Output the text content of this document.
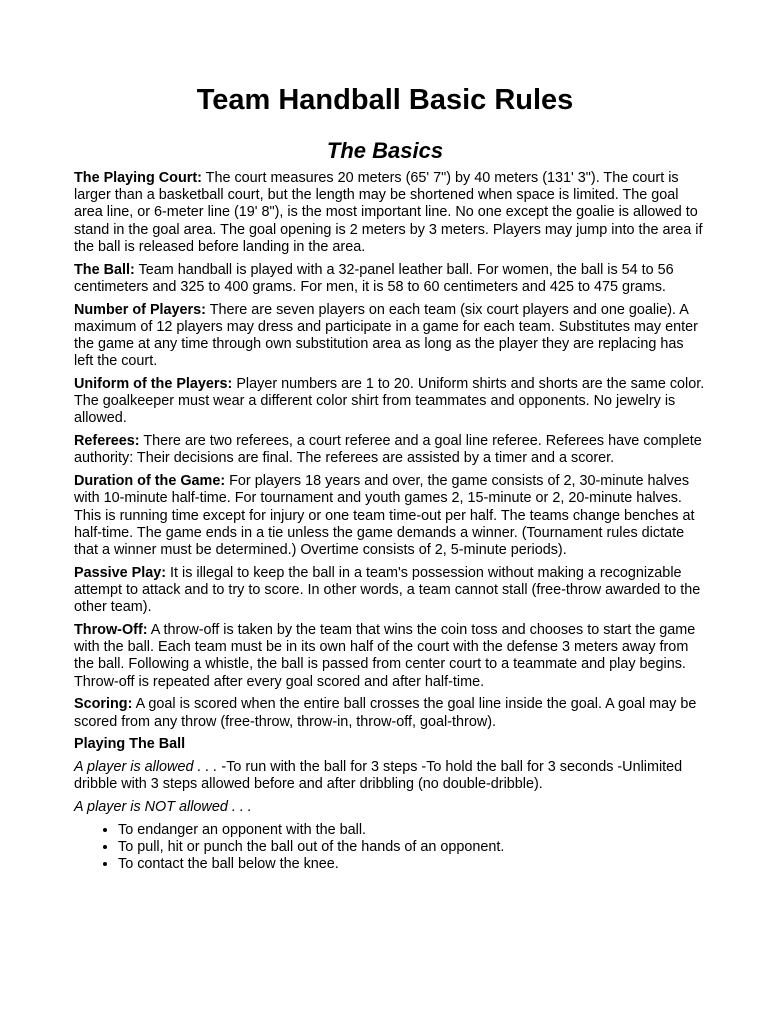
Team Handball Basic Rules
The Basics

The Playing Court: The court measures 20 meters (65' 7") by 40 meters (131' 3"). The court is larger than a basketball court, but the length may be shortened when space is limited. The goal area line, or 6-meter line (19' 8"), is the most important line. No one except the goalie is allowed to stand in the goal area. The goal opening is 2 meters by 3 meters. Players may jump into the area if the ball is released before landing in the area.

The Ball: Team handball is played with a 32-panel leather ball. For women, the ball is 54 to 56 centimeters and 325 to 400 grams. For men, it is 58 to 60 centimeters and 425 to 475 grams.

Number of Players: There are seven players on each team (six court players and one goalie). A maximum of 12 players may dress and participate in a game for each team. Substitutes may enter the game at any time through own substitution area as long as the player they are replacing has left the court.

Uniform of the Players: Player numbers are 1 to 20. Uniform shirts and shorts are the same color. The goalkeeper must wear a different color shirt from teammates and opponents. No jewelry is allowed.

Referees: There are two referees, a court referee and a goal line referee. Referees have complete authority: Their decisions are final. The referees are assisted by a timer and a scorer.

Duration of the Game: For players 18 years and over, the game consists of 2, 30-minute halves with 10-minute half-time. For tournament and youth games 2, 15-minute or 2, 20-minute halves. This is running time except for injury or one team time-out per half. The teams change benches at half-time. The game ends in a tie unless the game demands a winner. (Tournament rules dictate that a winner must be determined.) Overtime consists of 2, 5-minute periods).

Passive Play: It is illegal to keep the ball in a team's possession without making a recognizable attempt to attack and to try to score. In other words, a team cannot stall (free-throw awarded to the other team).

Throw-Off: A throw-off is taken by the team that wins the coin toss and chooses to start the game with the ball. Each team must be in its own half of the court with the defense 3 meters away from the ball. Following a whistle, the ball is passed from center court to a teammate and play begins. Throw-off is repeated after every goal scored and after half-time.

Scoring: A goal is scored when the entire ball crosses the goal line inside the goal. A goal may be scored from any throw (free-throw, throw-in, throw-off, goal-throw).

Playing The Ball

A player is allowed . . . -To run with the ball for 3 steps -To hold the ball for 3 seconds -Unlimited dribble with 3 steps allowed before and after dribbling (no double-dribble).

A player is NOT allowed . . .

• To endanger an opponent with the ball.
• To pull, hit or punch the ball out of the hands of an opponent.
• To contact the ball below the knee.
